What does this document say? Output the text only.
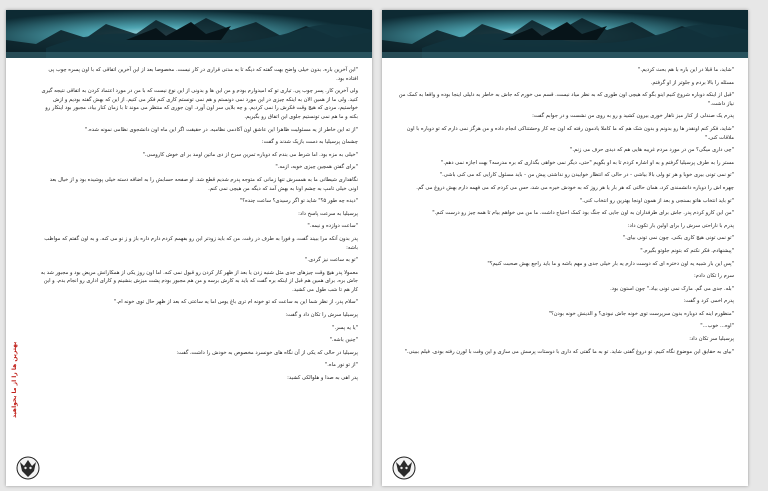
"این آخرین باره. بدون خیلی واضح بهت گفته که دیگه تا به مدتی قراری در کار نیست. مخصوصا بعد از این آخرین اتفاقی که با اون پسره چوب پی افتاده بود.

ولی آخرین کار. پسر چوب پی. تیاری تو که امیدوارم بودم و من این ها و بدونی از این نوع نیست که با من در مورد اعتماد کردن به اتفاقی نتیجه گیری کنید. ولی ما از همین الان به اینکه چیزی در این مورد نمی دونستم و هم نمی تونستم کاری کنم فکر می کنیم. از این که بهش گفته بودیم و ازش خواستیم، مردی که هیچ وقت فکرش را نمی کردیم. و چه بلایی سر اون آورد. اون جوری که منتظر می موند تا با زمان کنار بیاد، مجبور بود اینکار رو بکنه و ما هم نمی تونستیم جلوی این اتفاق رو بگیریم.

"از ته این خاطر از یه مسئولیت ظاهرا این عاشق اون آکادمی نظامیه. در حقیقت اگر این ماه اون دانشجوی نظامی نمونه شده."

چشمان پرسیلیا به دست بازیک شدند و گفت:

"خیلی به مزه بود. اما شرط می بندم که دوباره تمرین سرخ از دی ماتین اومد بر ای خوش کاروسی."

"برای گفتن همچین چیزی خوبه، ازمه."

نگاهداری شیطانی ما به همسرش تنها زمانی که متوجه پدرم شدیم قطع شد. او صفحه حسابش را به اضافه دسته خیلی پوشیده بود و از خیال بعد اونی خیلی تامپ به چشم اونا به بهش آمد که دیگه من هیچی نمی کنم.

"دیده چه طور ۵؟" شاید تو اگر رسیدی؟ ساعت چنده؟"

پرسیلیا به سرعت پاسخ داد:

"ساعت دوازده و نیمه."

پدر بدون آنکه مرا ببیند گفت، و فورا به طرف در رفت. من که باید زودتر این رو بفهمم کردم دارم داره باز و ز نو می کنه. و به اون گفتم که مواظب باشه:

"تو به ساعت نیز گردی."

معمولا پدر هیچ وقت چیزهای جدی مثل شنبه زدن یا بعد از ظهر کار کردن رو قبول نمی کنه. اما اون روز یکی از همکارانش مریض بود و مجبور شد به جاش بره. برای همین هم قبل از اینکه بره گفت که باید به کارش برسه و من هم مجبور بودم پشت میزش بنشینم و کارای اداری رو انجام بدم. و این کار هم تا شب طول می کشید.

"سلام پدر، از نظر شما این به ساعت که تو خونه ام تری باغ یوس اما یه ساعتی که بعد از ظهر حال توی خونه ام."

پرسیلیا سرش را تکان داد و گفت:

"یا یه پسر."

"چنین باشه."

پرسیلیا در حالی که یکی از آن نگاه های خونسرد مخصوص به خودش را داشت، گفت:

"از تو نور ماه."

پدر اهی به صدا و هلوالکی کشید:

بهترین ها را از ما بخواهید

"شاید، ما قبلا در این باره با هم بحث کردیم."

مسئله را بالا بردم و جلوتر از او گرفتم.

"قبل از اینکه دوباره شروع کنیم اینو بگو که هیچی اون طوری که به نظر میاد نیست. قسم می خورم که جاش به خاطر به دلیلی اینجا بوده و واقعا به کمک من نیاز داشت."

پدرم یک صندلی از کنار میز ناهار خوری بیرون کشید و رو به روی من نشست و در جوابم گفت:

"شاید، فکر کنم اونقدر ها رو بدونم و بدون شک هم که ما کاملا یادمون رفته که اون چه کار وحشتناکی انجام داده و من هرگز نمی ذارم که تو دوباره با اون ملاقات کنی."

"چی داری میگی؟ من در مورد مردم غریبه هایی هم که دیدی حرف می زنم."

مستر را به طرف پرسیلیا گرفتم و به او اشاره کردم تا به او بگویم "حتی، دیگر نمی خواهی بگذاری که بره مدرسه؟ بهت اجازه نمی دهم."

"تو نمی تونی بیری خوبا و هر تو ولی بالا بیاشی - در حالی که انتظار خوابیدن رو نداشتی پیش من - باید مسئول کارایی که می کنی باشی."

چهره اش را دوباره دانشمندی کرد، همان حالتی که هر بار یا هر روز که به خودش خیره می شد، حس می کردم که می فهمه دارم بهش دروغ می گم.

"تو باید انتخاب هاتو بسنجی و بعد از همون اونجا بهترین رو انتخاب کنی."

"من این کارو کردم پدر. جاش برای طرفداران به اون جایی که جنگ بود کمک احتیاج داشت. ما من می خواهم بیام تا همه چیز رو درست کنم."

پدرم با ناراحتی سرش را برای اولین بار تکون داد:

"تو نمی تونی هیچ کاری بکنی. چون نمی تونی بیای."

"پیشنهادم. فکر نکنم که بتونم جلوتو بگیرم."

"پس این بار شبیه یه اون دختره ای که دوست دارم یه بار خیلی جدی و مهم باشه و ما باید راجع بهش صحبت کنیم؟"

سرم را تکان دادم:

"بله. جدی می گم. مارک نمی تونی بیاد." چون استون بود.

پدرم اخمی کرد و گفت:

"منظورم اینه که دوباره بدون سرپرست توی خونه جاش نبودی؟ و الدینش خونه بودن؟"

"اوه... خوب..."

پرسیلیا سر تکان داد:

"بیای به حقایق این موضوع نگاه کنیم. تو دروغ گفتی شاید. تو به ما گفتی که داری با دوستات پرسش می سازی و این وقت با لورن رفته بودی. فیلم ببینی."
